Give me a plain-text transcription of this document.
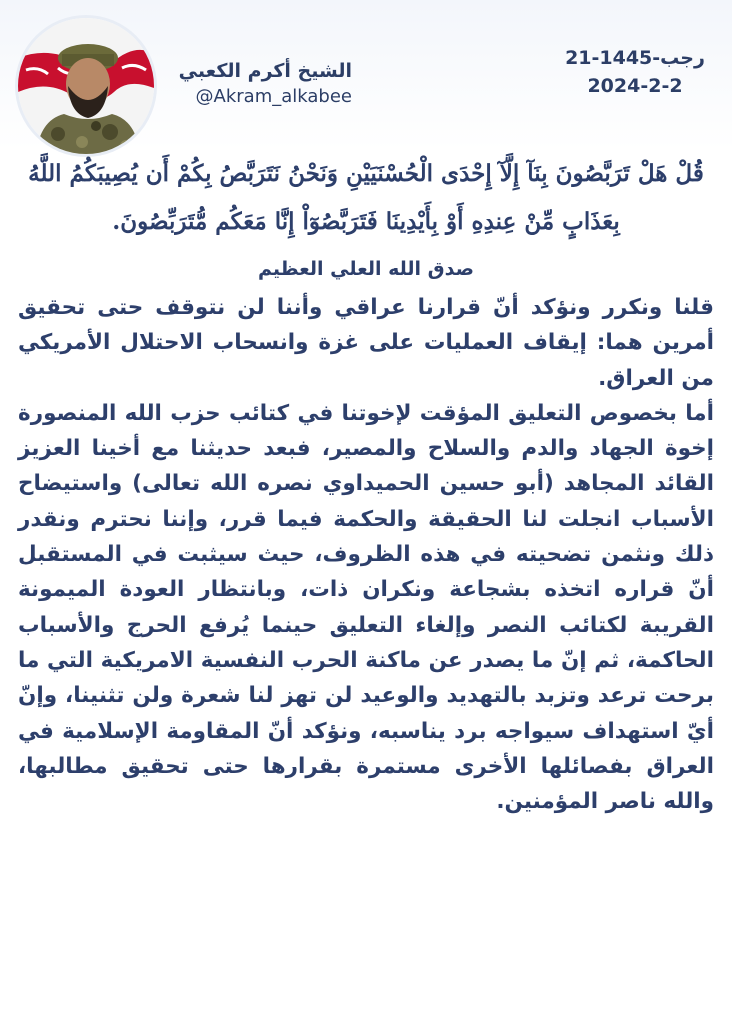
21-رجب-1445
2024-2-2
الشيخ أكرم الكعبي
@Akram_alkabee

قُلْ هَلْ تَرَبَّصُونَ بِنَآ إِلَّآ إِحْدَى الْحُسْنَيَيْنِ وَنَحْنُ نَتَرَبَّصُ بِكُمْ أَن يُصِيبَكُمُ اللَّهُ بِعَذَابٍ مِّنْ عِندِهِ أَوْ بِأَيْدِينَا فَتَرَبَّصُوٓاْ إِنَّا مَعَكُم مُّتَرَبِّصُونَ.

صدق الله العلي العظيم

قلنا ونكرر ونؤكد أنّ قرارنا عراقي وأننا لن نتوقف حتى تحقيق أمرين هما: إيقاف العمليات على غزة وانسحاب الاحتلال الأمريكي من العراق.

أما بخصوص التعليق المؤقت لإخوتنا في كتائب حزب الله المنصورة إخوة الجهاد والدم والسلاح والمصير، فبعد حديثنا مع أخينا العزيز القائد المجاهد (أبو حسين الحميداوي نصره الله تعالى) واستيضاح الأسباب انجلت لنا الحقيقة والحكمة فيما قرر، وإننا نحترم ونقدر ذلك ونثمن تضحيته في هذه الظروف، حيث سيثبت في المستقبل أنّ قراره اتخذه بشجاعة ونكران ذات، وبانتظار العودة الميمونة القريبة لكتائب النصر وإلغاء التعليق حينما يُرفع الحرج والأسباب الحاكمة، ثم إنّ ما يصدر عن ماكنة الحرب النفسية الامريكية التي ما برحت ترعد وتزبد بالتهديد والوعيد لن تهز لنا شعرة ولن تثنينا، وإنّ أيّ استهداف سيواجه برد يناسبه، ونؤكد أنّ المقاومة الإسلامية في العراق بفصائلها الأخرى مستمرة بقرارها حتى تحقيق مطالبها، والله ناصر المؤمنين.
